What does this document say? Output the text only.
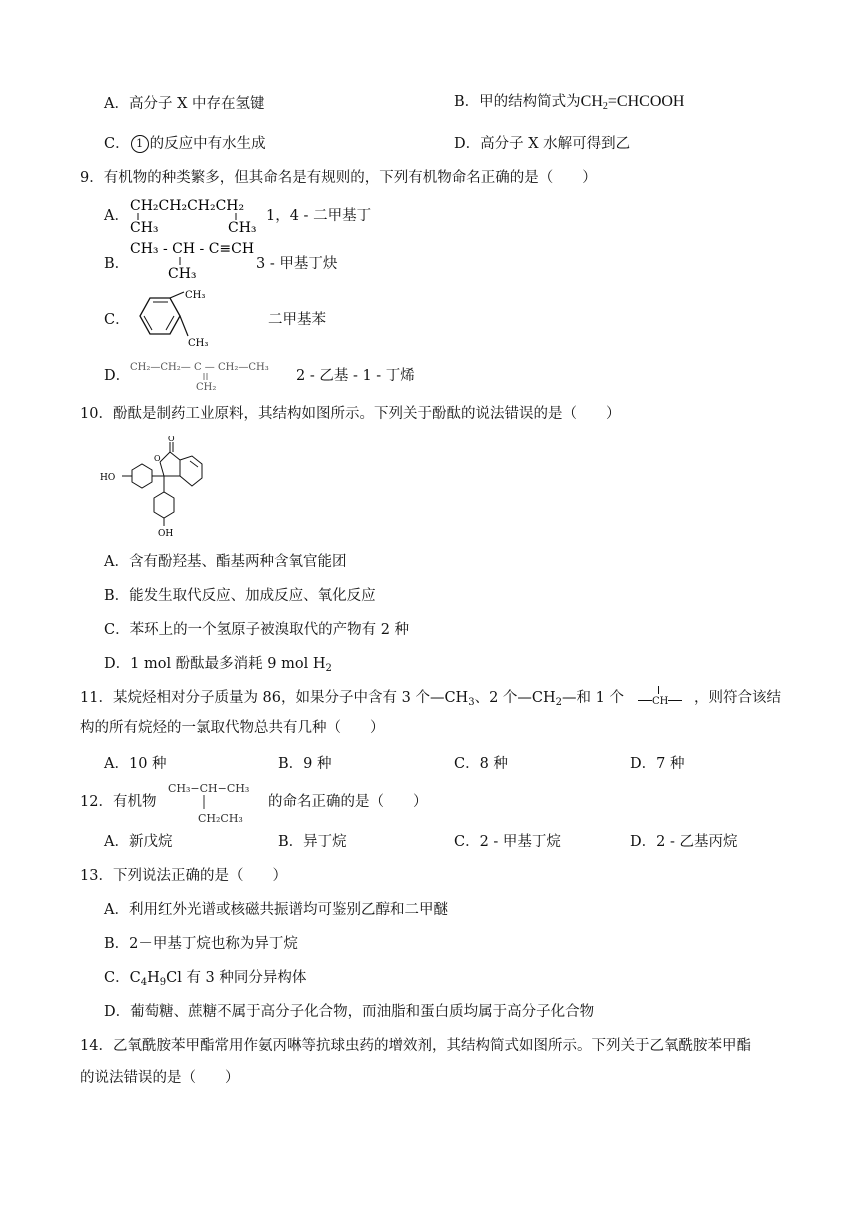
A．高分子 X 中存在氢键	B．甲的结构简式为$CH_2=CHCOOH$
C． 1 的反应中有水生成	D．高分子 X 水解可得到乙
9．有机物的种类繁多，但其命名是有规则的，下列有机物命名正确的是（　　）
A．
CH₂CH₂CH₂CH₂
CH₃	CH₃
1，4 - 二甲基丁
B．
CH₃ - CH - C≡CH
CH₃
3 - 甲基丁炔
C．
CH₃
CH₃
二甲基苯
D．
CH₂—CH₂— C — CH₂—CH₃
CH₂
2 - 乙基 - 1 - 丁烯
10．酚酞是制药工业原料，其结构如图所示。下列关于酚酞的说法错误的是（　　）
HO
O
O
OH
A．含有酚羟基、酯基两种含氧官能团
B．能发生取代反应、加成反应、氧化反应
C．苯环上的一个氢原子被溴取代的产物有 2 种
D．1 mol 酚酞最多消耗 9 mol $H_2$
11．某烷烃相对分子质量为 86，如果分子中含有 3 个$—CH_3$、2 个$—CH_2—$和 1 个	CH ，则符合该结
构的所有烷烃的一氯取代物总共有几种（　　）
A．10 种	B．9 种	C．8 种	D．7 种
12．有机物
CH₃−CH−CH₃
CH₂CH₃
的命名正确的是（　　）
A．新戊烷	B．异丁烷	C．2 - 甲基丁烷	D．2 - 乙基丙烷
13．下列说法正确的是（　　）
A．利用红外光谱或核磁共振谱均可鉴别乙醇和二甲醚
B．2－甲基丁烷也称为异丁烷
C．$C_4H_9Cl$ 有 3 种同分异构体
D．葡萄糖、蔗糖不属于高分子化合物，而油脂和蛋白质均属于高分子化合物
14．乙氧酰胺苯甲酯常用作氨丙啉等抗球虫药的增效剂，其结构简式如图所示。下列关于乙氧酰胺苯甲酯
的说法错误的是（　　）
